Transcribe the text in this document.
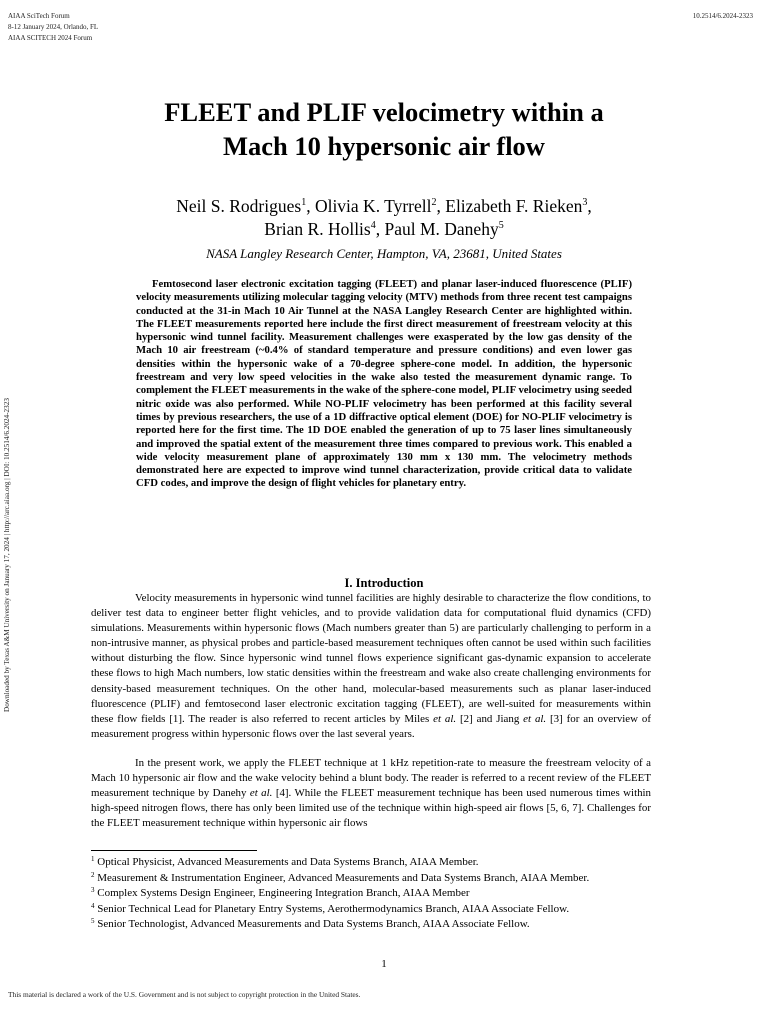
AIAA SciTech Forum
8-12 January 2024, Orlando, FL
AIAA SCITECH 2024 Forum
10.2514/6.2024-2323
Downloaded by Texas A&M University on January 17, 2024 | http://arc.aiaa.org | DOI: 10.2514/6.2024-2323
FLEET and PLIF velocimetry within a
Mach 10 hypersonic air flow
Neil S. Rodrigues$^1$, Olivia K. Tyrrell$^2$, Elizabeth F. Rieken$^3$,
Brian R. Hollis$^4$, Paul M. Danehy$^5$
NASA Langley Research Center, Hampton, VA, 23681, United States

Femtosecond laser electronic excitation tagging (FLEET) and planar laser-induced fluorescence (PLIF) velocity measurements utilizing molecular tagging velocity (MTV) methods from three recent test campaigns conducted at the 31-in Mach 10 Air Tunnel at the NASA Langley Research Center are highlighted within. The FLEET measurements reported here include the first direct measurement of freestream velocity at this hypersonic wind tunnel facility. Measurement challenges were exasperated by the low gas density of the Mach 10 air freestream (~0.4% of standard temperature and pressure conditions) and even lower gas densities within the hypersonic wake of a 70-degree sphere-cone model. In addition, the hypersonic freestream and very low speed velocities in the wake also tested the measurement dynamic range. To complement the FLEET measurements in the wake of the sphere-cone model, PLIF velocimetry using seeded nitric oxide was also performed. While NO-PLIF velocimetry has been performed at this facility several times by previous researchers, the use of a 1D diffractive optical element (DOE) for NO-PLIF velocimetry is reported here for the first time. The 1D DOE enabled the generation of up to 75 laser lines simultaneously and improved the spatial extent of the measurement three times compared to previous work. This enabled a wide velocity measurement plane of approximately 130 mm x 130 mm. The velocimetry methods demonstrated here are expected to improve wind tunnel characterization, provide critical data to validate CFD codes, and improve the design of flight vehicles for planetary entry.

I. Introduction

Velocity measurements in hypersonic wind tunnel facilities are highly desirable to characterize the flow conditions, to deliver test data to engineer better flight vehicles, and to provide validation data for computational fluid dynamics (CFD) simulations. Measurements within hypersonic flows (Mach numbers greater than 5) are particularly challenging to perform in a non-intrusive manner, as physical probes and particle-based measurement techniques often cannot be used within such facilities without disturbing the flow. Since hypersonic wind tunnel flows experience significant gas-dynamic expansion to accelerate these flows to high Mach numbers, low static densities within the freestream and wake also create challenging environments for density-based measurement techniques. On the other hand, molecular-based measurements such as planar laser-induced fluorescence (PLIF) and femtosecond laser electronic excitation tagging (FLEET), are well-suited for measurements within these flow fields [1]. The reader is also referred to recent articles by Miles et al. [2] and Jiang et al. [3] for an overview of measurement progress within hypersonic flows over the last several years.

In the present work, we apply the FLEET technique at 1 kHz repetition-rate to measure the freestream velocity of a Mach 10 hypersonic air flow and the wake velocity behind a blunt body. The reader is referred to a recent review of the FLEET measurement technique by Danehy et al. [4]. While the FLEET measurement technique has been used numerous times within high-speed nitrogen flows, there has only been limited use of the technique within high-speed air flows [5, 6, 7]. Challenges for the FLEET measurement technique within hypersonic air flows

$^1$ Optical Physicist, Advanced Measurements and Data Systems Branch, AIAA Member.
$^2$ Measurement & Instrumentation Engineer, Advanced Measurements and Data Systems Branch, AIAA Member.
$^3$ Complex Systems Design Engineer, Engineering Integration Branch, AIAA Member
$^4$ Senior Technical Lead for Planetary Entry Systems, Aerothermodynamics Branch, AIAA Associate Fellow.
$^5$ Senior Technologist, Advanced Measurements and Data Systems Branch, AIAA Associate Fellow.
1
This material is declared a work of the U.S. Government and is not subject to copyright protection in the United States.
